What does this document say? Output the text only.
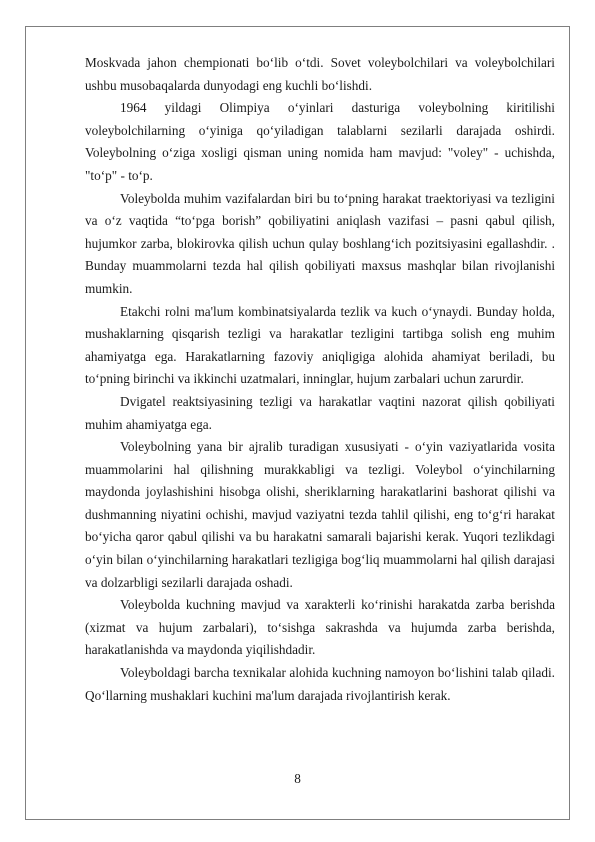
Moskvada jahon chempionati bo‘lib o‘tdi. Sovet voleybolchilari va voleybolchilari ushbu musobaqalarda dunyodagi eng kuchli bo‘lishdi.

1964 yildagi Olimpiya o‘yinlari dasturiga voleybolning kiritilishi voleybolchilarning o‘yiniga qo‘yiladigan talablarni sezilarli darajada oshirdi. Voleybolning o‘ziga xosligi qisman uning nomida ham mavjud: "voley" - uchishda, "to‘p" - to‘p.

Voleybolda muhim vazifalardan biri bu to‘pning harakat traektoriyasi va tezligini va o‘z vaqtida “to‘pga borish” qobiliyatini aniqlash vazifasi – pasni qabul qilish, hujumkor zarba, blokirovka qilish uchun qulay boshlang‘ich pozitsiyasini egallashdir. . Bunday muammolarni tezda hal qilish qobiliyati maxsus mashqlar bilan rivojlanishi mumkin.

Etakchi rolni ma'lum kombinatsiyalarda tezlik va kuch o‘ynaydi. Bunday holda, mushaklarning qisqarish tezligi va harakatlar tezligini tartibga solish eng muhim ahamiyatga ega. Harakatlarning fazoviy aniqligiga alohida ahamiyat beriladi, bu to‘pning birinchi va ikkinchi uzatmalari, inninglar, hujum zarbalari uchun zarurdir.

Dvigatel reaktsiyasining tezligi va harakatlar vaqtini nazorat qilish qobiliyati muhim ahamiyatga ega.

Voleybolning yana bir ajralib turadigan xususiyati - o‘yin vaziyatlarida vosita muammolarini hal qilishning murakkabligi va tezligi. Voleybol o‘yinchilarning maydonda joylashishini hisobga olishi, sheriklarning harakatlarini bashorat qilishi va dushmanning niyatini ochishi, mavjud vaziyatni tezda tahlil qilishi, eng to‘g‘ri harakat bo‘yicha qaror qabul qilishi va bu harakatni samarali bajarishi kerak. Yuqori tezlikdagi o‘yin bilan o‘yinchilarning harakatlari tezligiga bog‘liq muammolarni hal qilish darajasi va dolzarbligi sezilarli darajada oshadi.

Voleybolda kuchning mavjud va xarakterli ko‘rinishi harakatda zarba berishda (xizmat va hujum zarbalari), to‘sishga sakrashda va hujumda zarba berishda, harakatlanishda va maydonda yiqilishdadir.

Voleyboldagi barcha texnikalar alohida kuchning namoyon bo‘lishini talab qiladi. Qo‘llarning mushaklari kuchini ma'lum darajada rivojlantirish kerak.

8
